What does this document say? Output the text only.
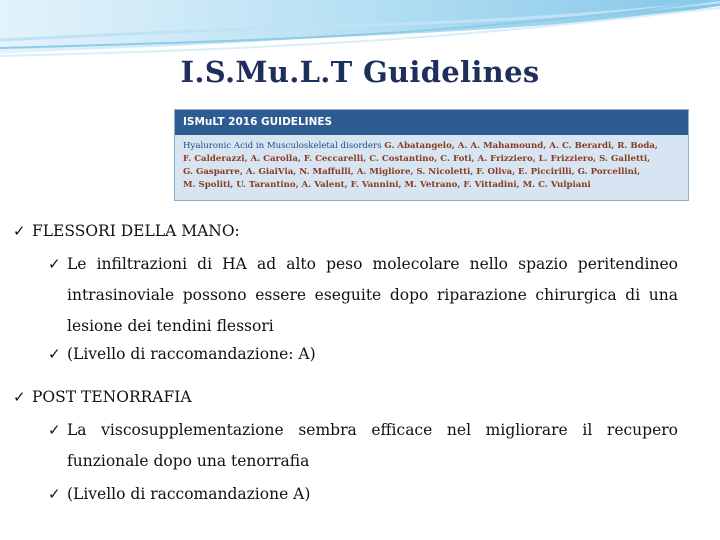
I.S.Mu.L.T Guidelines
ISMuLT 2016 GUIDELINES
Hyaluronic Acid in Musculoskeletal disorders G. Abatangelo, A. A. Mahamound, A. C. Berardi, R. Boda,
F. Calderazzi, A. Carolla, F. Ceccarelli, C. Costantino, C. Foti, A. Frizziero, L. Frizziero, S. Galletti,
G. Gasparre, A. GiaiVia, N. Maffulli, A. Migliore, S. Nicoletti, F. Oliva, E. Piccirilli, G. Porcellini,
M. Spoliti, U. Tarantino, A. Valent, F. Vannini, M. Vetrano, F. Vittadini, M. C. Vulpiani
✓ FLESSORI DELLA MANO:
✓ Le infiltrazioni di HA ad alto peso molecolare nello spazio peritendineo intrasinoviale possono essere eseguite dopo riparazione chirurgica di una lesione dei tendini flessori
✓ (Livello di raccomandazione: A)
✓ POST TENORRAFIA
✓ La viscosupplementazione sembra efficace nel migliorare il recupero funzionale dopo una tenorrafia
✓ (Livello di raccomandazione A)
